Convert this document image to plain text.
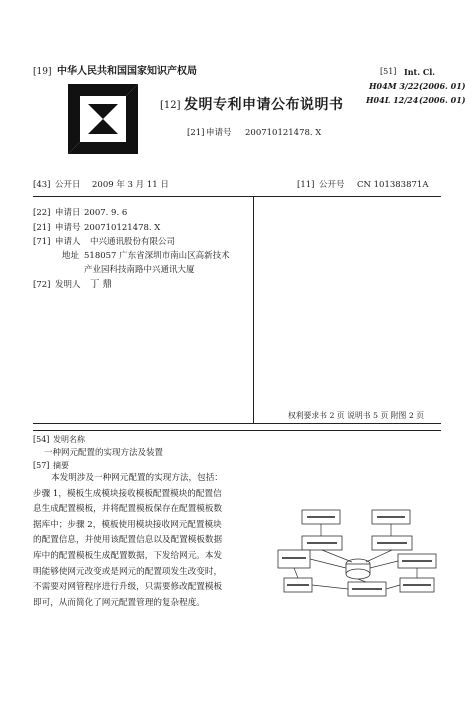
[19] 中华人民共和国国家知识产权局	[51] Int. Cl.
H04M 3/22 (2006. 01)
H04L 12/24 (2006. 01)
[12] 发明专利申请公布说明书
[21] 申请号 200710121478. X
[43] 公开日 2009 年 3 月 11 日	[11] 公开号 CN 101383871A
[22] 申请日 2007. 9. 6
[21] 申请号 200710121478. X
[71] 申请人 中兴通讯股份有限公司
地址 518057 广东省深圳市南山区高新技术
产业园科技南路中兴通讯大厦
[72] 发明人 丁 鼎
权利要求书 2 页 说明书 5 页 附图 2 页
[54] 发明名称
一种网元配置的实现方法及装置
[57] 摘要
本发明涉及一种网元配置的实现方法，包括：
步骤 1，模板生成模块接收模板配置模块的配置信
息生成配置模板，并将配置模板保存在配置模板数
据库中；步骤 2，模板使用模块接收网元配置模块
的配置信息，并使用该配置信息以及配置模板数据
库中的配置模板生成配置数据，下发给网元。本发
明能够使网元改变或是网元的配置项发生改变时，
不需要对网管程序进行升级，只需要修改配置模板
即可，从而简化了网元配置管理的复杂程度。
